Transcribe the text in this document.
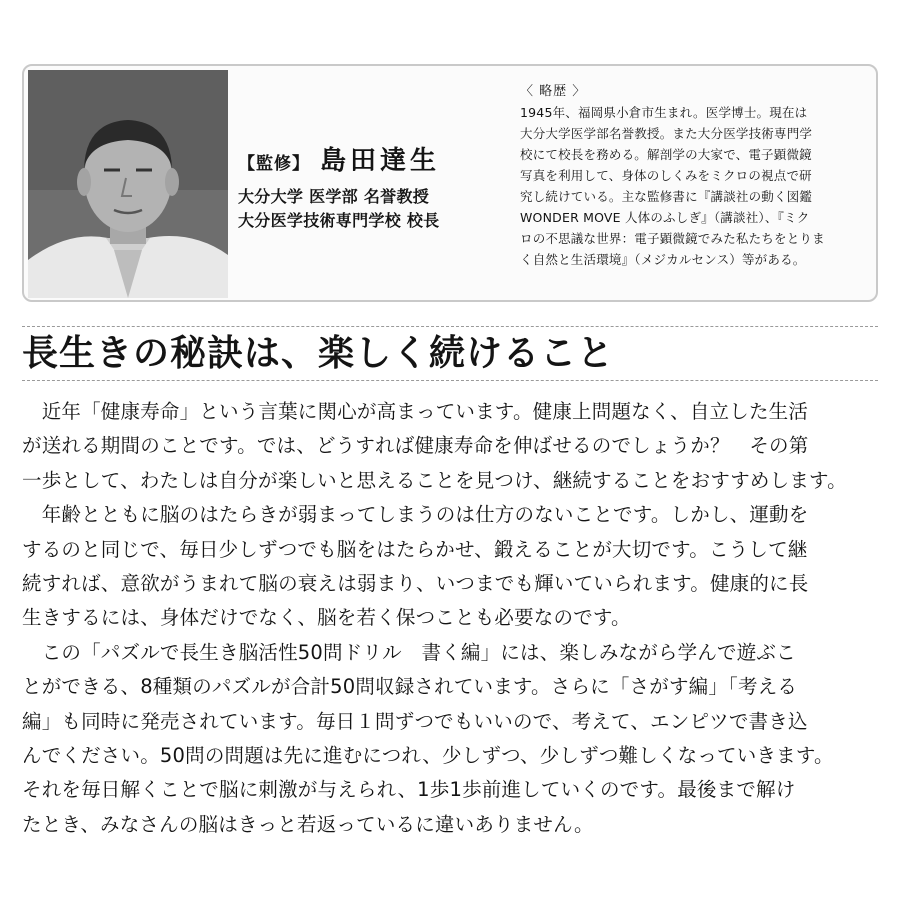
【監修】 島田達生
大分大学 医学部 名誉教授
大分医学技術専門学校 校長
〈 略歴 〉
1945年、福岡県小倉市生まれ。医学博士。現在は
大分大学医学部名誉教授。また大分医学技術専門学
校にて校長を務める。解剖学の大家で、電子顕微鏡
写真を利用して、身体のしくみをミクロの視点で研
究し続けている。主な監修書に『講談社の動く図鑑
WONDER MOVE 人体のふしぎ』（講談社）、『ミク
ロの不思議な世界：電子顕微鏡でみた私たちをとりま
く自然と生活環境』（メジカルセンス）等がある。
長生きの秘訣は、楽しく続けること
　近年「健康寿命」という言葉に関心が高まっています。健康上問題なく、自立した生活
が送れる期間のことです。では、どうすれば健康寿命を伸ばせるのでしょうか？　その第
一歩として、わたしは自分が楽しいと思えることを見つけ、継続することをおすすめします。
　年齢とともに脳のはたらきが弱まってしまうのは仕方のないことです。しかし、運動を
するのと同じで、毎日少しずつでも脳をはたらかせ、鍛えることが大切です。こうして継
続すれば、意欲がうまれて脳の衰えは弱まり、いつまでも輝いていられます。健康的に長
生きするには、身体だけでなく、脳を若く保つことも必要なのです。
　この「パズルで長生き脳活性50問ドリル　書く編」には、楽しみながら学んで遊ぶこ
とができる、8種類のパズルが合計50問収録されています。さらに「さがす編」「考える
編」も同時に発売されています。毎日１問ずつでもいいので、考えて、エンピツで書き込
んでください。50問の問題は先に進むにつれ、少しずつ、少しずつ難しくなっていきます。
それを毎日解くことで脳に刺激が与えられ、1歩1歩前進していくのです。最後まで解け
たとき、みなさんの脳はきっと若返っているに違いありません。
